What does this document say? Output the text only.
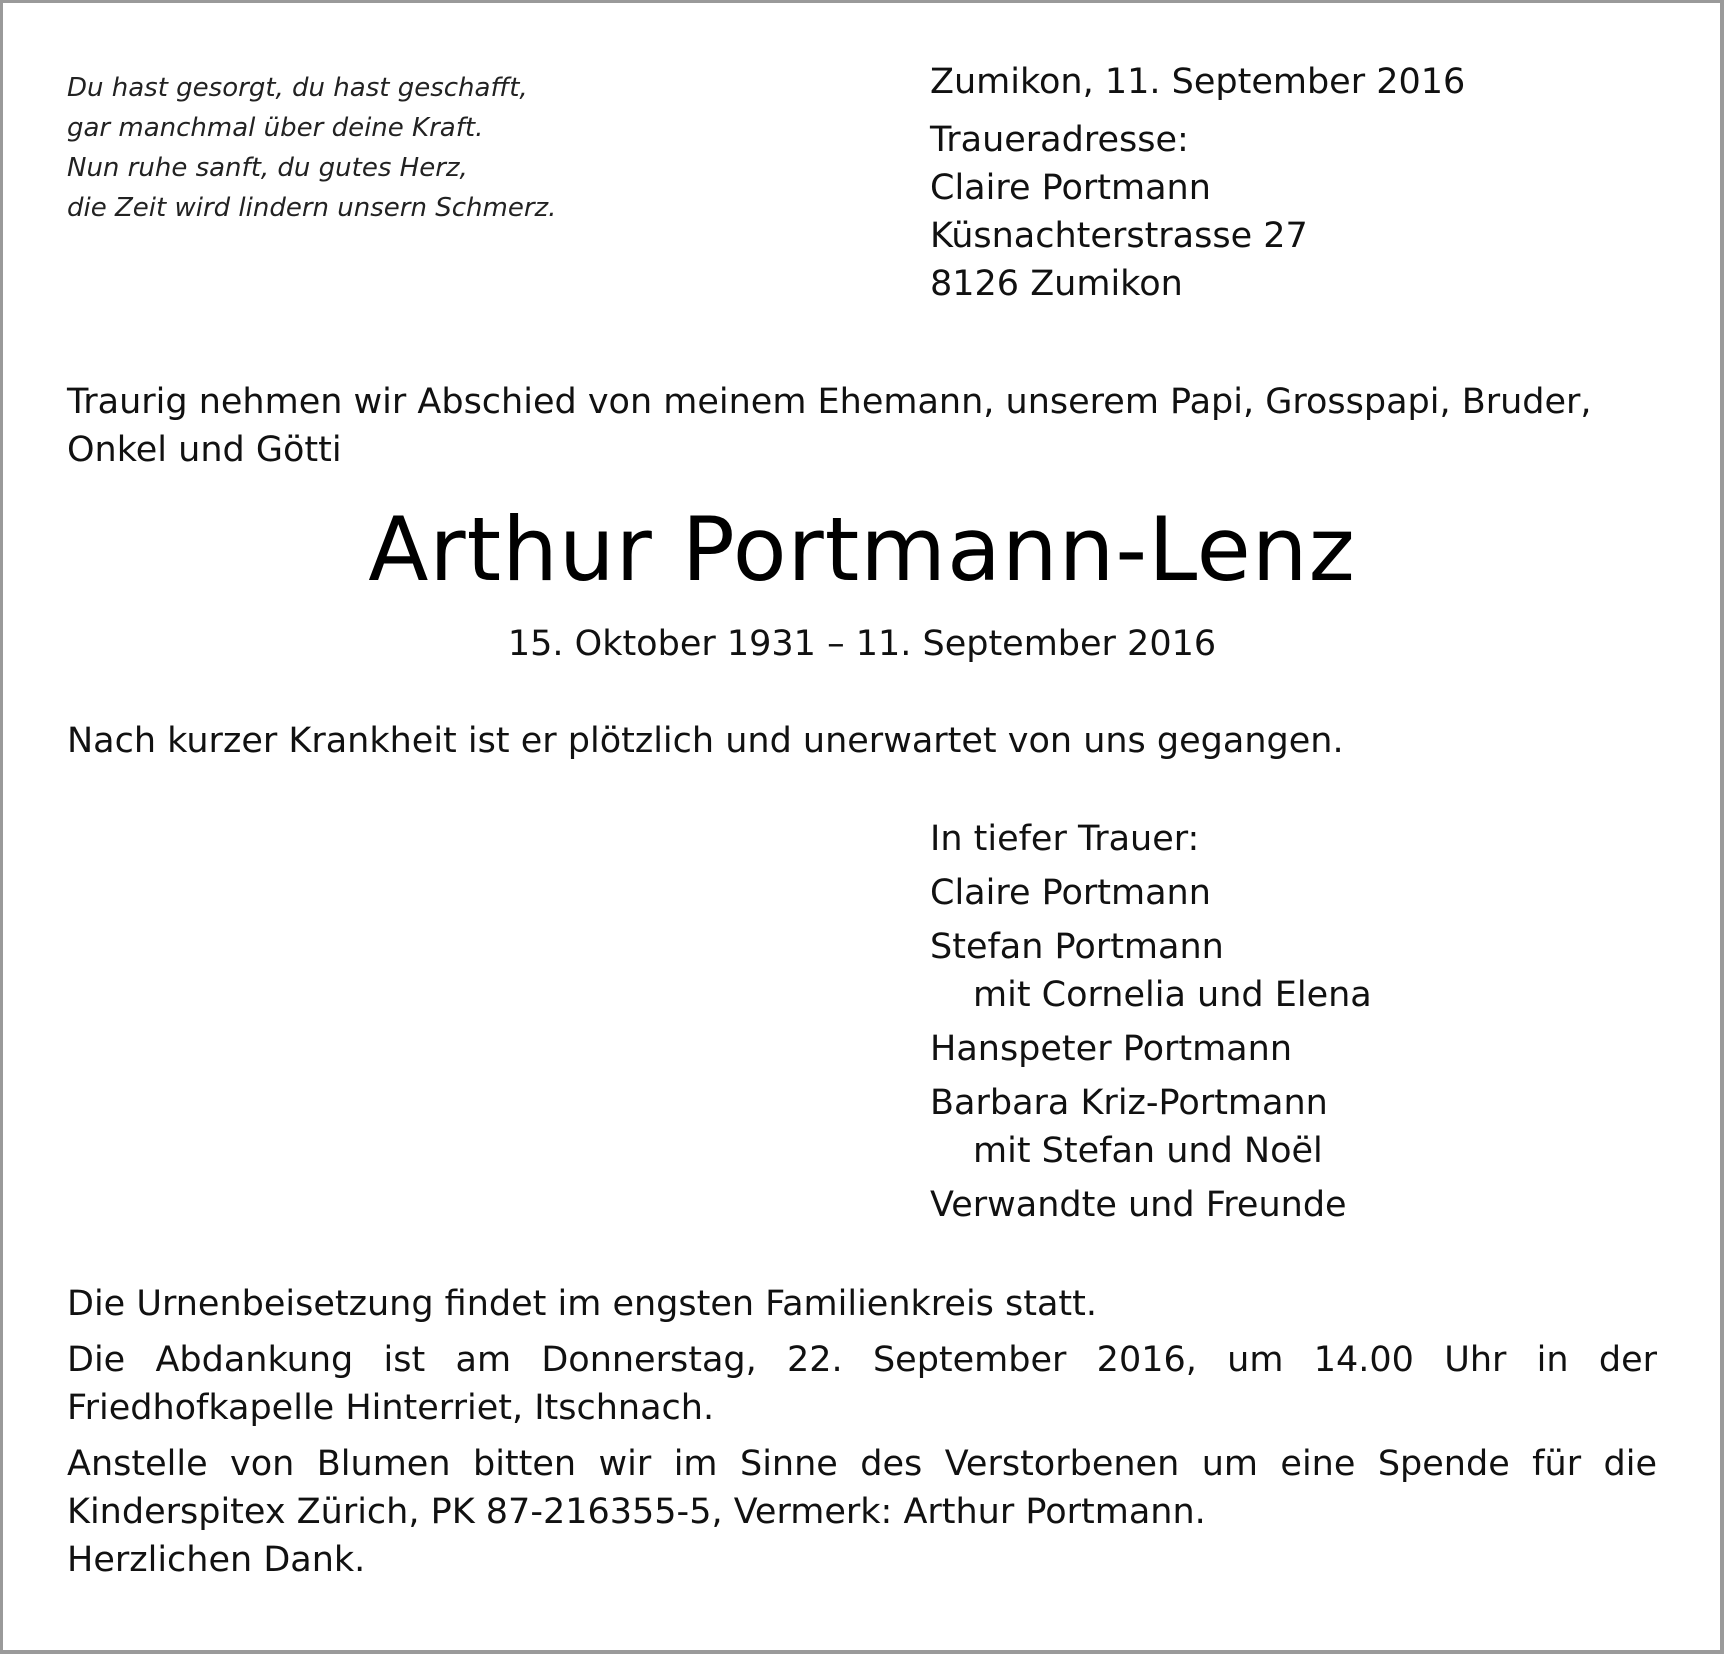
Du hast gesorgt, du hast geschafft,
gar manchmal über deine Kraft.
Nun ruhe sanft, du gutes Herz,
die Zeit wird lindern unsern Schmerz.
Zumikon, 11. September 2016
Traueradresse:
Claire Portmann
Küsnachterstrasse 27
8126 Zumikon
Traurig nehmen wir Abschied von meinem Ehemann, unserem Papi, Grosspapi, Bruder, Onkel und Götti
Arthur Portmann-Lenz
15. Oktober 1931 – 11. September 2016
Nach kurzer Krankheit ist er plötzlich und unerwartet von uns gegangen.
In tiefer Trauer:
Claire Portmann
Stefan Portmann
mit Cornelia und Elena
Hanspeter Portmann
Barbara Kriz-Portmann
mit Stefan und Noël
Verwandte und Freunde

Die Urnenbeisetzung findet im engsten Familienkreis statt.

Die Abdankung ist am Donnerstag, 22. September 2016, um 14.00 Uhr in der Friedhofkapelle Hinterriet, Itschnach.

Anstelle von Blumen bitten wir im Sinne des Verstorbenen um eine Spende für die Kinderspitex Zürich, PK 87-216355-5, Vermerk: Arthur Portmann.

Herzlichen Dank.
